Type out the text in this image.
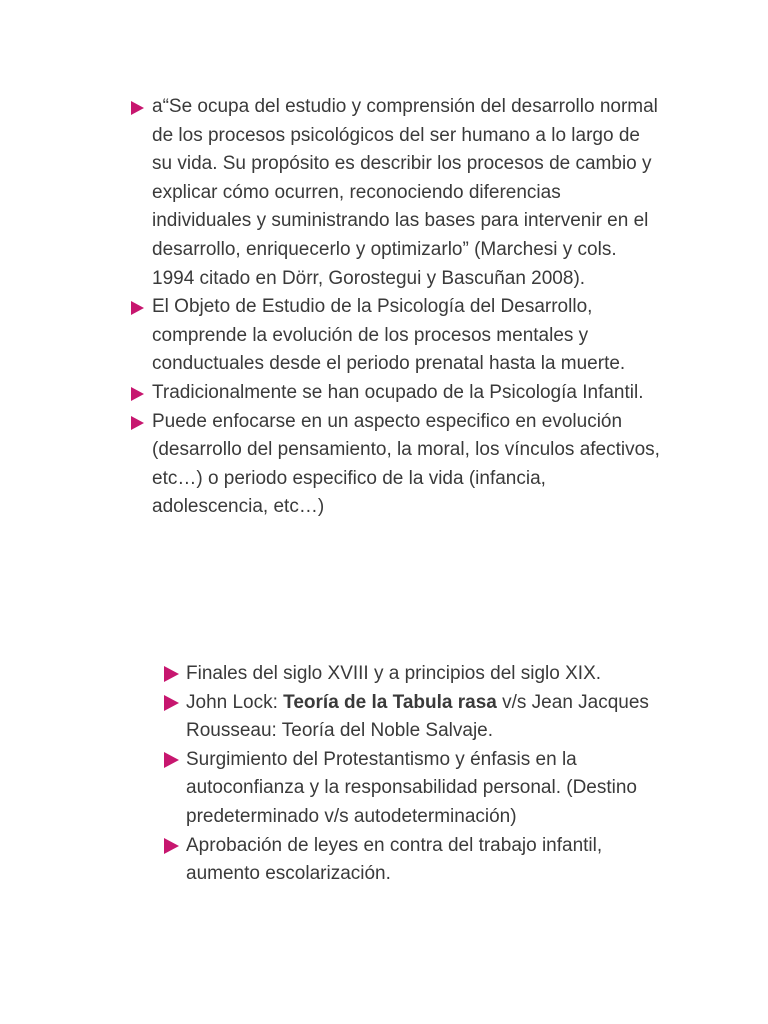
a“Se ocupa del estudio y comprensión del desarrollo normal de los procesos psicológicos del ser humano a lo largo de su vida. Su propósito es describir los procesos de cambio y explicar cómo ocurren, reconociendo diferencias individuales y suministrando las bases para intervenir en el desarrollo, enriquecerlo y optimizarlo” (Marchesi y cols. 1994 citado en Dörr, Gorostegui y Bascuñan 2008).
El Objeto de Estudio de la Psicología del Desarrollo, comprende la evolución de los procesos mentales y conductuales desde el periodo prenatal hasta la muerte.
Tradicionalmente se han ocupado de la Psicología Infantil.
Puede enfocarse en un aspecto especifico en evolución (desarrollo del pensamiento, la moral, los vínculos afectivos, etc…) o periodo especifico de la vida (infancia, adolescencia, etc…)
Finales del siglo XVIII y a principios del siglo XIX.
John Lock: Teoría de la Tabula rasa v/s Jean Jacques Rousseau: Teoría del Noble Salvaje.
Surgimiento del Protestantismo y énfasis en la autoconfianza y la responsabilidad personal. (Destino predeterminado v/s autodeterminación)
Aprobación de leyes en contra del trabajo infantil, aumento escolarización.
